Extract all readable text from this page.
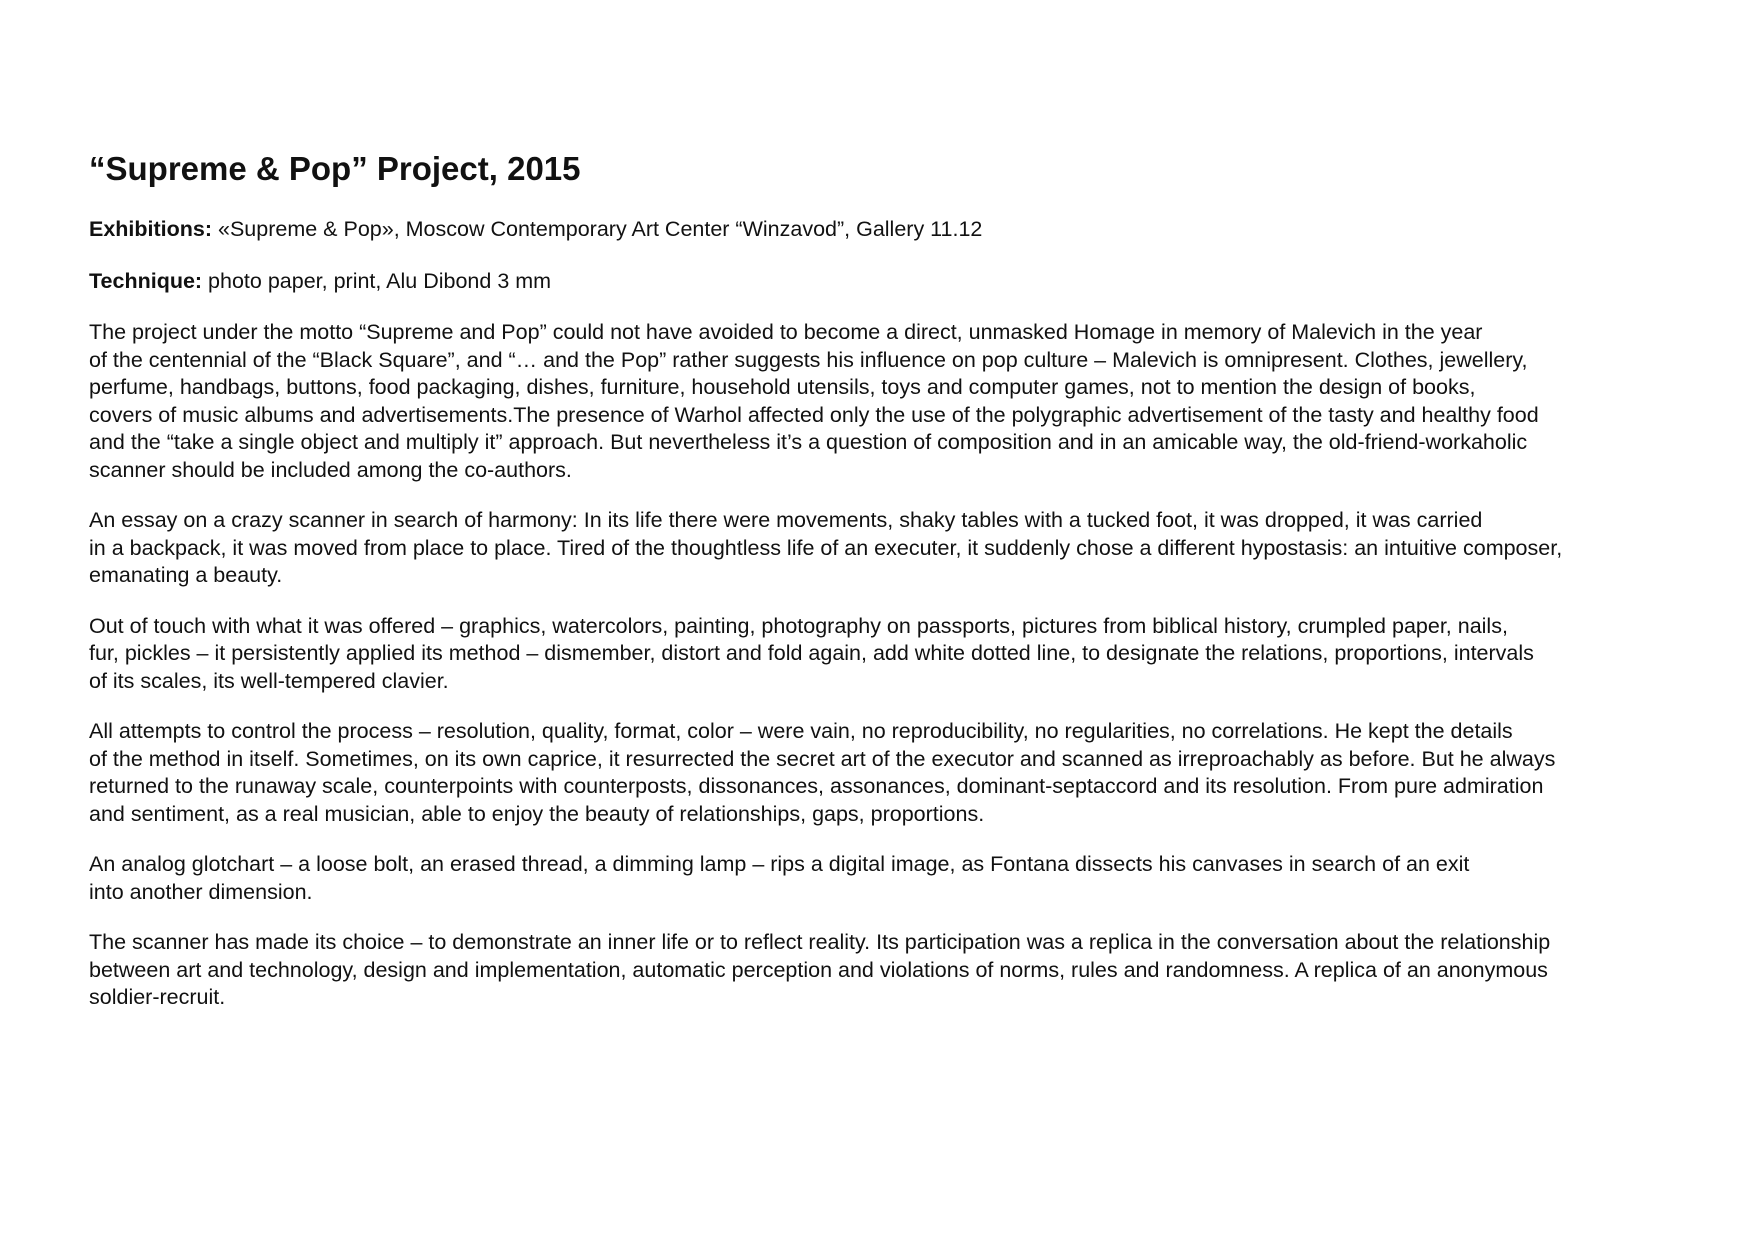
“Supreme & Pop” Project, 2015

Exhibitions: «Supreme & Pop», Moscow Contemporary Art Center “Winzavod”, Gallery 11.12

Technique: photo paper, print, Alu Dibond 3 mm

The project under the motto “Supreme and Pop” could not have avoided to become a direct, unmasked Homage in memory of Malevich in the year
of the centennial of the “Black Square”, and “… and the Pop” rather suggests his influence on pop culture – Malevich is omnipresent. Clothes, jewellery,
perfume, handbags, buttons, food packaging, dishes, furniture, household utensils, toys and computer games, not to mention the design of books,
covers of music albums and advertisements.The presence of Warhol affected only the use of the polygraphic advertisement of the tasty and healthy food
and the “take a single object and multiply it” approach. But nevertheless it’s a question of composition and in an amicable way, the old-friend-workaholic
scanner should be included among the co-authors.

An essay on a crazy scanner in search of harmony: In its life there were movements, shaky tables with a tucked foot, it was dropped, it was carried
in a backpack, it was moved from place to place. Tired of the thoughtless life of an executer, it suddenly chose a different hypostasis: an intuitive composer,
emanating a beauty.

Out of touch with what it was offered – graphics, watercolors, painting, photography on passports, pictures from biblical history, crumpled paper, nails,
fur, pickles – it persistently applied its method – dismember, distort and fold again, add white dotted line, to designate the relations, proportions, intervals
of its scales, its well-tempered clavier.

All attempts to control the process – resolution, quality, format, color – were vain, no reproducibility, no regularities, no correlations. He kept the details
of the method in itself. Sometimes, on its own caprice, it resurrected the secret art of the executor and scanned as irreproachably as before. But he always
returned to the runaway scale, counterpoints with counterposts, dissonances, assonances, dominant-septaccord and its resolution. From pure admiration
and sentiment, as a real musician, able to enjoy the beauty of relationships, gaps, proportions.

An analog glotchart – a loose bolt, an erased thread, a dimming lamp – rips a digital image, as Fontana dissects his canvases in search of an exit
into another dimension.

The scanner has made its choice – to demonstrate an inner life or to reflect reality. Its participation was a replica in the conversation about the relationship
between art and technology, design and implementation, automatic perception and violations of norms, rules and randomness. A replica of an anonymous
soldier-recruit.
